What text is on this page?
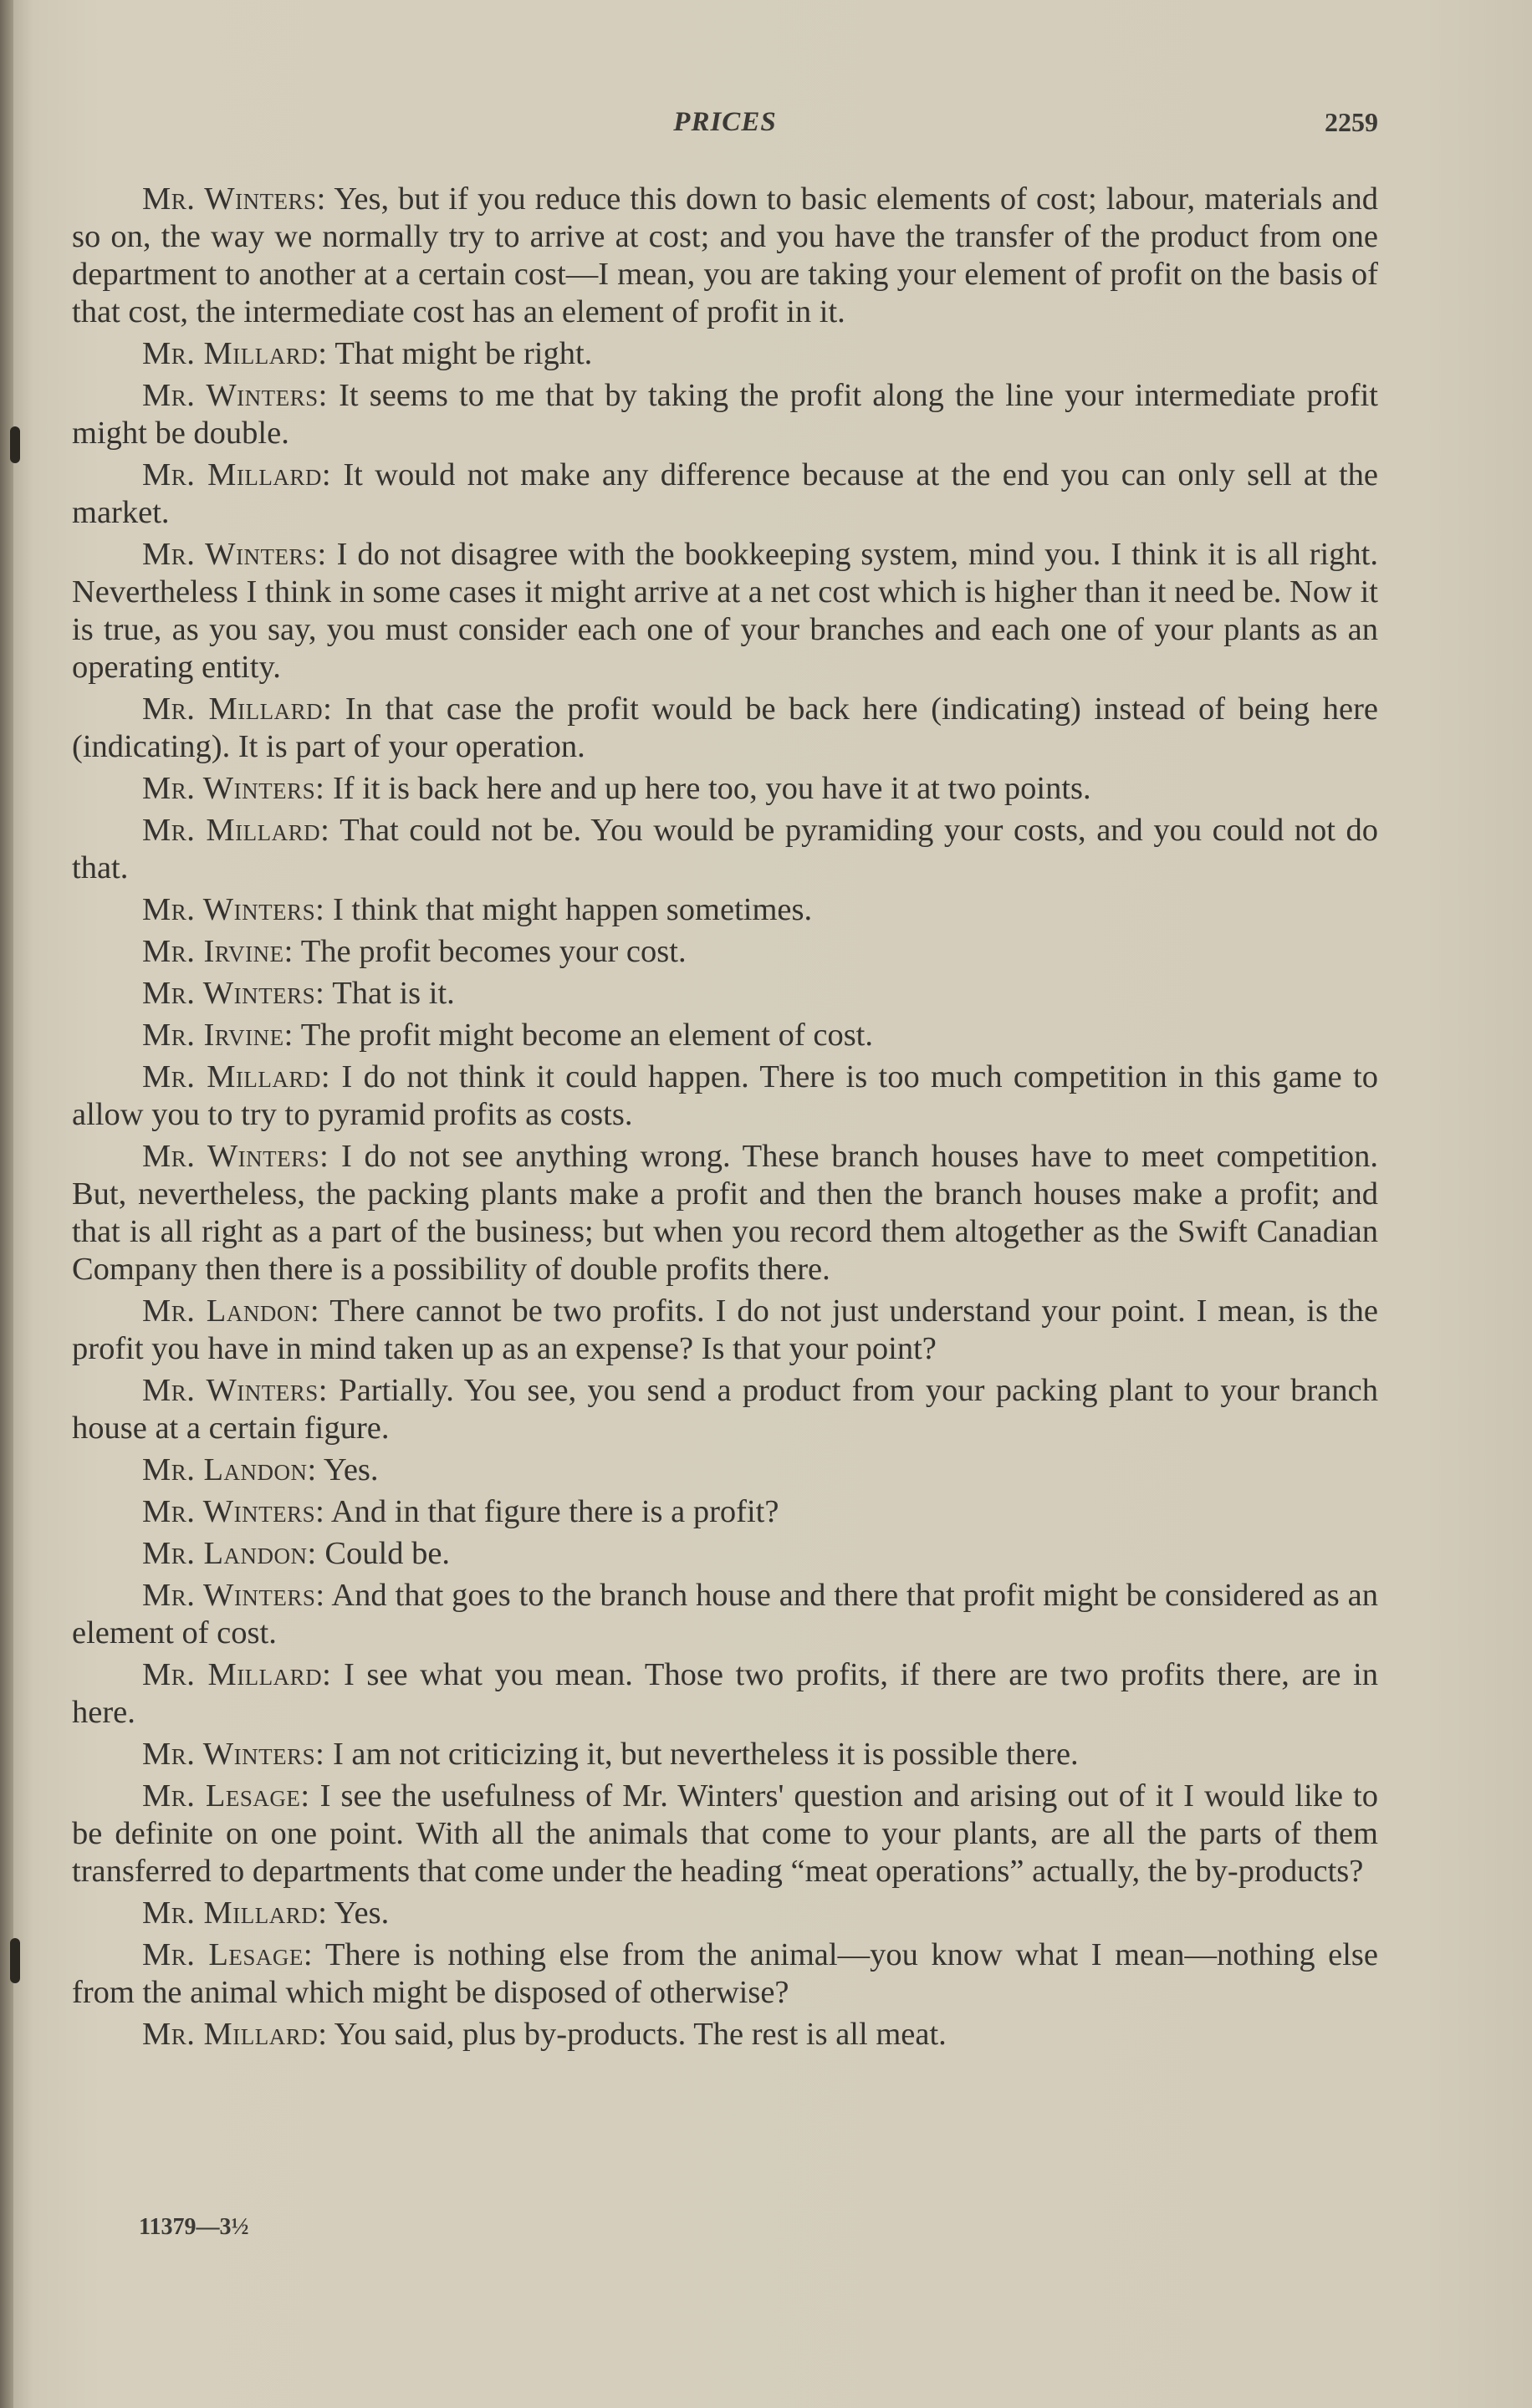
PRICES	2259

Mr. Winters: Yes, but if you reduce this down to basic elements of cost; labour, materials and so on, the way we normally try to arrive at cost; and you have the transfer of the product from one department to another at a certain cost—I mean, you are taking your element of profit on the basis of that cost, the intermediate cost has an element of profit in it.

Mr. Millard: That might be right.

Mr. Winters: It seems to me that by taking the profit along the line your intermediate profit might be double.

Mr. Millard: It would not make any difference because at the end you can only sell at the market.

Mr. Winters: I do not disagree with the bookkeeping system, mind you. I think it is all right. Nevertheless I think in some cases it might arrive at a net cost which is higher than it need be. Now it is true, as you say, you must consider each one of your branches and each one of your plants as an operating entity.

Mr. Millard: In that case the profit would be back here (indicating) instead of being here (indicating). It is part of your operation.

Mr. Winters: If it is back here and up here too, you have it at two points.

Mr. Millard: That could not be. You would be pyramiding your costs, and you could not do that.

Mr. Winters: I think that might happen sometimes.

Mr. Irvine: The profit becomes your cost.

Mr. Winters: That is it.

Mr. Irvine: The profit might become an element of cost.

Mr. Millard: I do not think it could happen. There is too much competition in this game to allow you to try to pyramid profits as costs.

Mr. Winters: I do not see anything wrong. These branch houses have to meet competition. But, nevertheless, the packing plants make a profit and then the branch houses make a profit; and that is all right as a part of the business; but when you record them altogether as the Swift Canadian Company then there is a possibility of double profits there.

Mr. Landon: There cannot be two profits. I do not just understand your point. I mean, is the profit you have in mind taken up as an expense? Is that your point?

Mr. Winters: Partially. You see, you send a product from your packing plant to your branch house at a certain figure.

Mr. Landon: Yes.

Mr. Winters: And in that figure there is a profit?

Mr. Landon: Could be.

Mr. Winters: And that goes to the branch house and there that profit might be considered as an element of cost.

Mr. Millard: I see what you mean. Those two profits, if there are two profits there, are in here.

Mr. Winters: I am not criticizing it, but nevertheless it is possible there.

Mr. Lesage: I see the usefulness of Mr. Winters' question and arising out of it I would like to be definite on one point. With all the animals that come to your plants, are all the parts of them transferred to departments that come under the heading “meat operations” actually, the by-products?

Mr. Millard: Yes.

Mr. Lesage: There is nothing else from the animal—you know what I mean—nothing else from the animal which might be disposed of otherwise?

Mr. Millard: You said, plus by-products. The rest is all meat.

11379—3½
